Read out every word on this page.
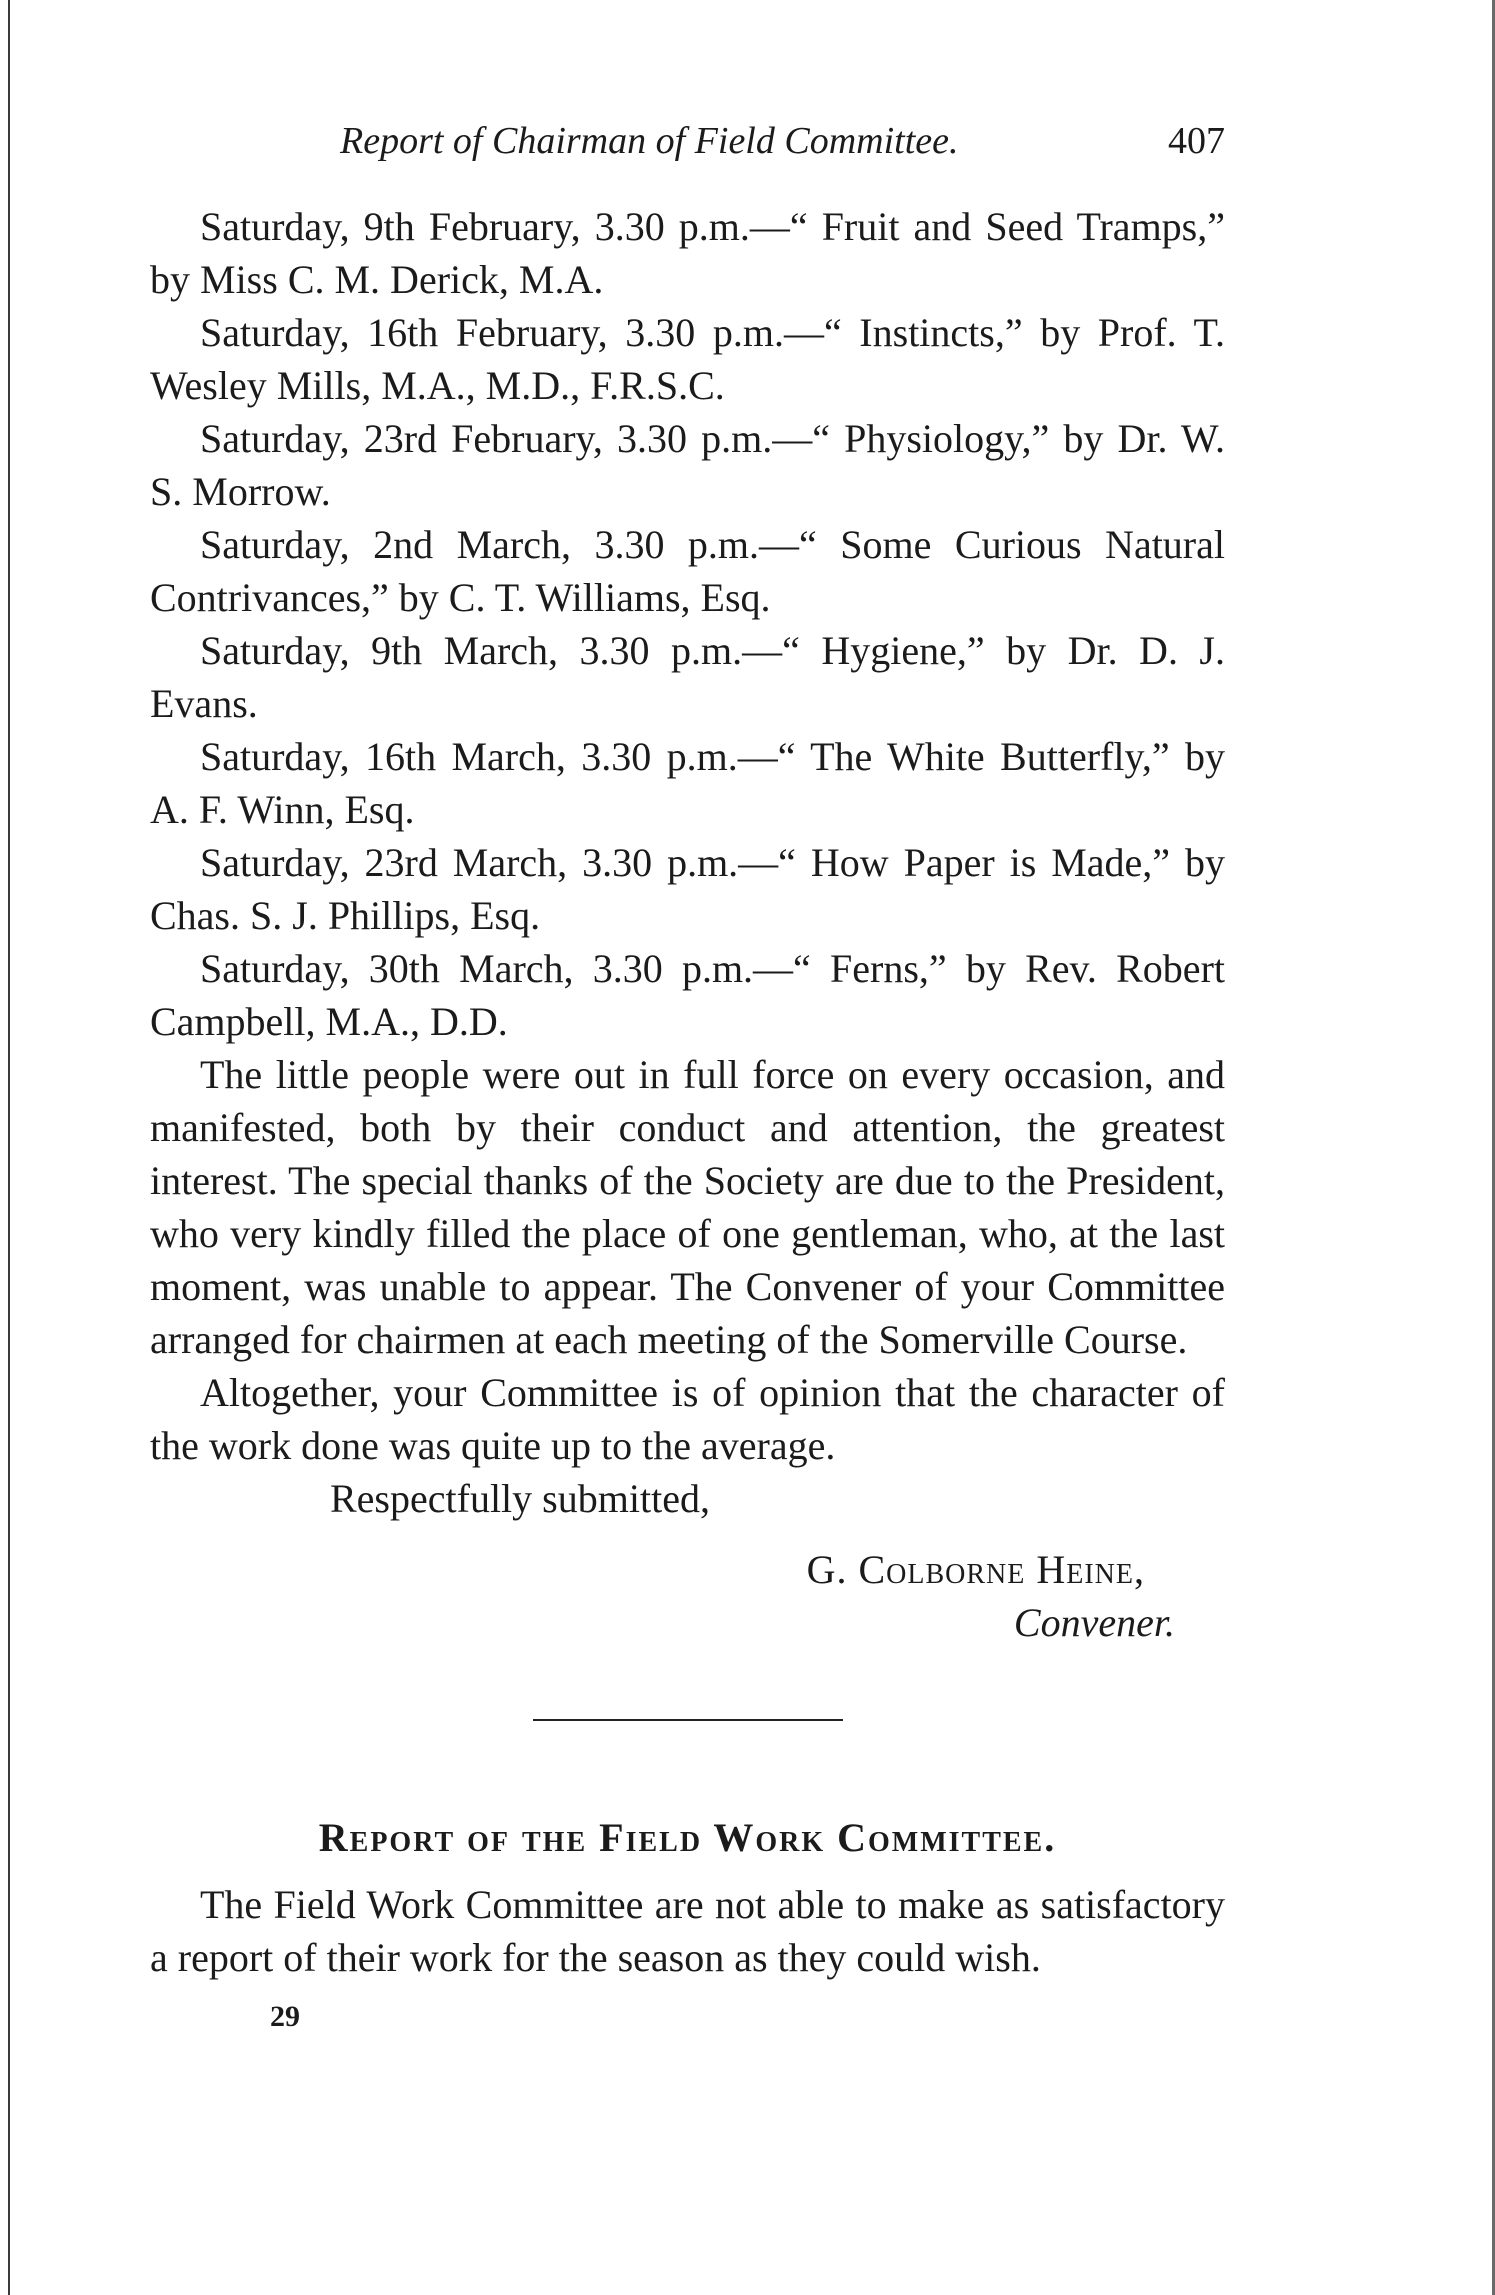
Report of Chairman of Field Committee.	407

Saturday, 9th February, 3.30 p.m.—“ Fruit and Seed Tramps,” by Miss C. M. Derick, M.A.

Saturday, 16th February, 3.30 p.m.—“ Instincts,” by Prof. T. Wesley Mills, M.A., M.D., F.R.S.C.

Saturday, 23rd February, 3.30 p.m.—“ Physiology,” by Dr. W. S. Morrow.

Saturday, 2nd March, 3.30 p.m.—“ Some Curious Natural Contrivances,” by C. T. Williams, Esq.

Saturday, 9th March, 3.30 p.m.—“ Hygiene,” by Dr. D. J. Evans.

Saturday, 16th March, 3.30 p.m.—“ The White Butterfly,” by A. F. Winn, Esq.

Saturday, 23rd March, 3.30 p.m.—“ How Paper is Made,” by Chas. S. J. Phillips, Esq.

Saturday, 30th March, 3.30 p.m.—“ Ferns,” by Rev. Robert Campbell, M.A., D.D.

The little people were out in full force on every occasion, and manifested, both by their conduct and attention, the greatest interest. The special thanks of the Society are due to the President, who very kindly filled the place of one gentleman, who, at the last moment, was unable to appear. The Convener of your Committee arranged for chairmen at each meeting of the Somerville Course.

Altogether, your Committee is of opinion that the character of the work done was quite up to the average.

Respectfully submitted,

G. Colborne Heine,
Convener.
Report of the Field Work Committee.

The Field Work Committee are not able to make as satisfactory a report of their work for the season as they could wish.

29
